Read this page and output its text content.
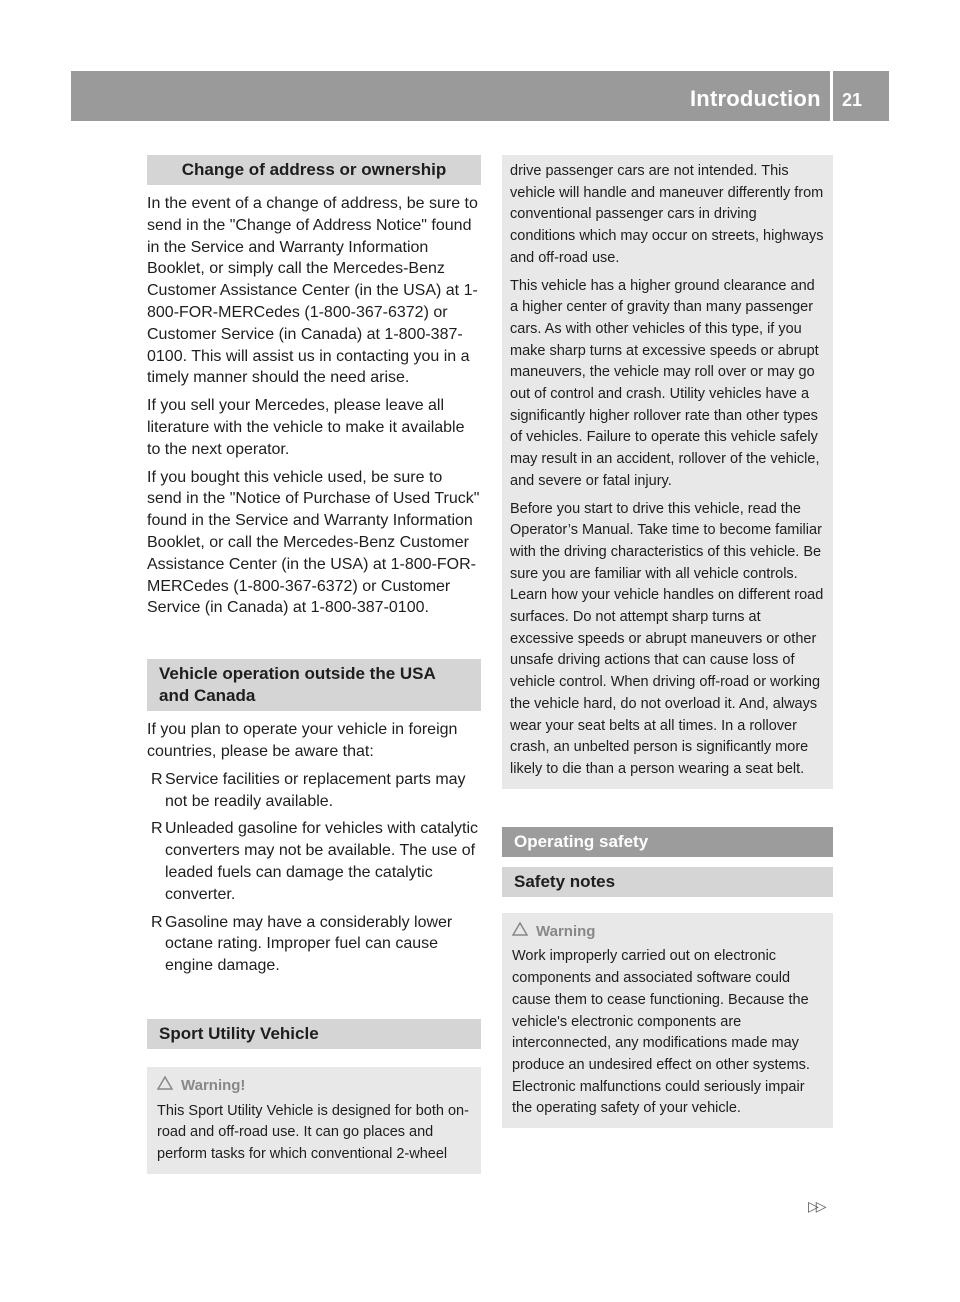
Introduction 21
Change of address or ownership

In the event of a change of address, be sure to send in the "Change of Address Notice" found in the Service and Warranty Information Booklet, or simply call the Mercedes-Benz Customer Assistance Center (in the USA) at 1-800-FOR-MERCedes (1-800-367-6372) or Customer Service (in Canada) at 1-800-387-0100. This will assist us in contacting you in a timely manner should the need arise.

If you sell your Mercedes, please leave all literature with the vehicle to make it available to the next operator.

If you bought this vehicle used, be sure to send in the "Notice of Purchase of Used Truck" found in the Service and Warranty Information Booklet, or call the Mercedes-Benz Customer Assistance Center (in the USA) at 1-800-FOR-MERCedes (1-800-367-6372) or Customer Service (in Canada) at 1-800-387-0100.

Vehicle operation outside the USA and Canada

If you plan to operate your vehicle in foreign countries, please be aware that:

R Service facilities or replacement parts may not be readily available.
R Unleaded gasoline for vehicles with catalytic converters may not be available. The use of leaded fuels can damage the catalytic converter.
R Gasoline may have a considerably lower octane rating. Improper fuel can cause engine damage.
Sport Utility Vehicle
Warning!
This Sport Utility Vehicle is designed for both on-road and off-road use. It can go places and perform tasks for which conventional 2-wheel

drive passenger cars are not intended. This vehicle will handle and maneuver differently from conventional passenger cars in driving conditions which may occur on streets, highways and off-road use.

This vehicle has a higher ground clearance and a higher center of gravity than many passenger cars. As with other vehicles of this type, if you make sharp turns at excessive speeds or abrupt maneuvers, the vehicle may roll over or may go out of control and crash. Utility vehicles have a significantly higher rollover rate than other types of vehicles. Failure to operate this vehicle safely may result in an accident, rollover of the vehicle, and severe or fatal injury.

Before you start to drive this vehicle, read the Operator’s Manual. Take time to become familiar with the driving characteristics of this vehicle. Be sure you are familiar with all vehicle controls. Learn how your vehicle handles on different road surfaces. Do not attempt sharp turns at excessive speeds or abrupt maneuvers or other unsafe driving actions that can cause loss of vehicle control. When driving off-road or working the vehicle hard, do not overload it. And, always wear your seat belts at all times. In a rollover crash, an unbelted person is significantly more likely to die than a person wearing a seat belt.

Operating safety
Safety notes
Warning
Work improperly carried out on electronic components and associated software could cause them to cease functioning. Because the vehicle's electronic components are interconnected, any modifications made may produce an undesired effect on other systems. Electronic malfunctions could seriously impair the operating safety of your vehicle.
▷▷
